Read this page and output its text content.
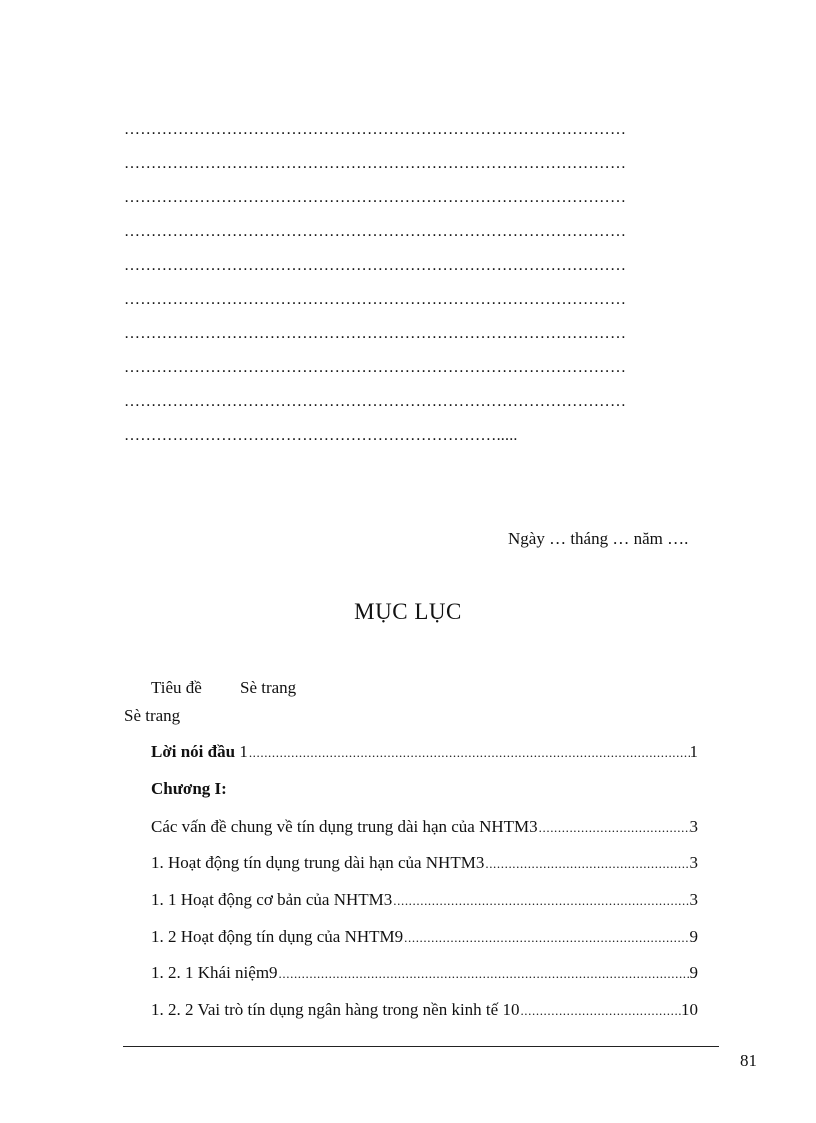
…………………………………………………………………………………
…………………………………………………………………………………
…………………………………………………………………………………
…………………………………………………………………………………
…………………………………………………………………………………
…………………………………………………………………………………
…………………………………………………………………………………
…………………………………………………………………………………
…………………………………………………………………………………
…………………………………………………………….....
Ngày … tháng … năm ….
MỤC LỤC
Tiêu đề Sè trang
Sè trang
Lời nói đầu 1 .....	1
Chương I:
Các vấn đề chung về tín dụng trung dài hạn của NHTM3 .....	3
1. Hoạt động tín dụng trung dài hạn của NHTM3 .....	3
1. 1 Hoạt động cơ bản của NHTM3 .....	3
1. 2 Hoạt động tín dụng của NHTM9 .....	9
1. 2. 1 Khái niệm9 .....	9
1. 2. 2 Vai trò tín dụng ngân hàng trong nền kinh tế 10 .....	10
81
